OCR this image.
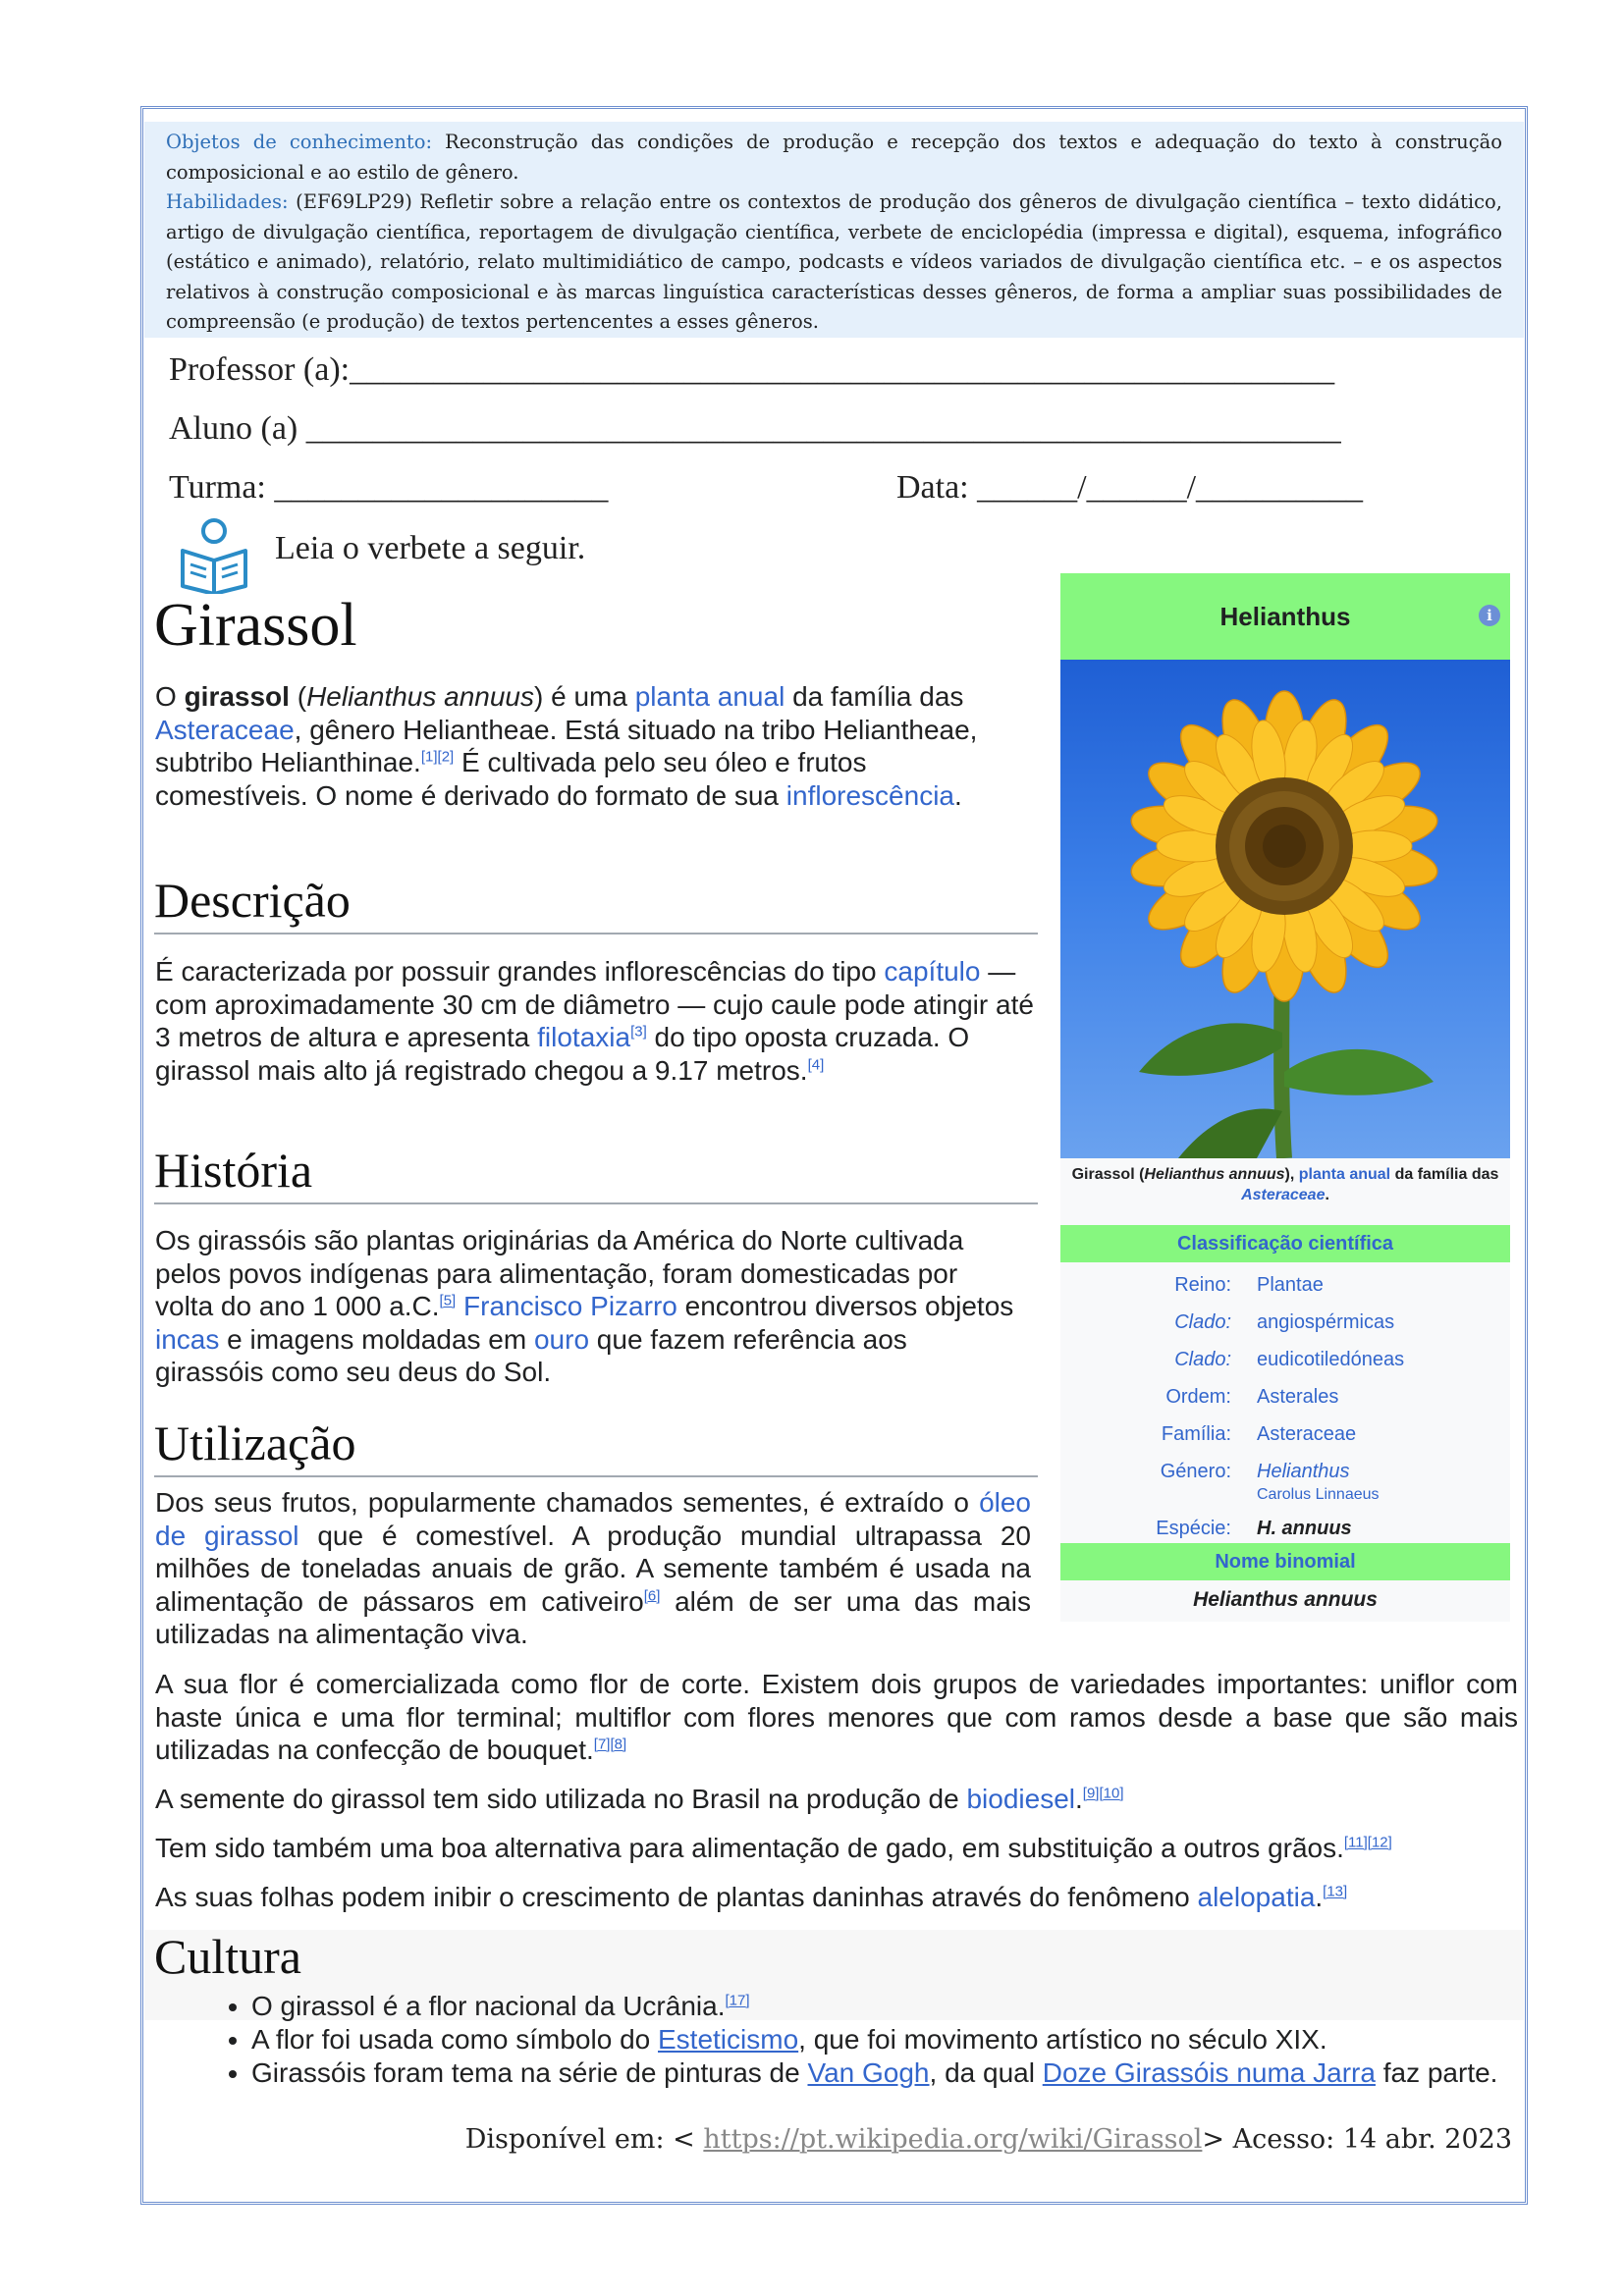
Objetos de conhecimento: Reconstrução das condições de produção e recepção dos textos e adequação do texto à construção composicional e ao estilo de gênero.
Habilidades: (EF69LP29) Refletir sobre a relação entre os contextos de produção dos gêneros de divulgação científica – texto didático, artigo de divulgação científica, reportagem de divulgação científica, verbete de enciclopédia (impressa e digital), esquema, infográfico (estático e animado), relatório, relato multimidiático de campo, podcasts e vídeos variados de divulgação científica etc. – e os aspectos relativos à construção composicional e às marcas linguística características desses gêneros, de forma a ampliar suas possibilidades de compreensão (e produção) de textos pertencentes a esses gêneros.
Professor (a):___________________________________________________________
Aluno (a) ______________________________________________________________
Turma: ____________________	Data: ______/______/__________
Leia o verbete a seguir.
Girassol
O girassol (Helianthus annuus) é uma planta anual da família das Asteraceae, gênero Heliantheae. Está situado na tribo Heliantheae, subtribo Helianthinae.[1][2] É cultivada pelo seu óleo e frutos comestíveis. O nome é derivado do formato de sua inflorescência.
Descrição
É caracterizada por possuir grandes inflorescências do tipo capítulo — com aproximadamente 30 cm de diâmetro — cujo caule pode atingir até 3 metros de altura e apresenta filotaxia[3] do tipo oposta cruzada. O girassol mais alto já registrado chegou a 9.17 metros.[4]
História
Os girassóis são plantas originárias da América do Norte cultivada pelos povos indígenas para alimentação, foram domesticadas por volta do ano 1 000 a.C.[5] Francisco Pizarro encontrou diversos objetos incas e imagens moldadas em ouro que fazem referência aos girassóis como seu deus do Sol.
Utilização
Dos seus frutos, popularmente chamados sementes, é extraído o óleo de girassol que é comestível. A produção mundial ultrapassa 20 milhões de toneladas anuais de grão. A semente também é usada na alimentação de pássaros em cativeiro[6] além de ser uma das mais utilizadas na alimentação viva.
A sua flor é comercializada como flor de corte. Existem dois grupos de variedades importantes: uniflor com haste única e uma flor terminal; multiflor com flores menores que com ramos desde a base que são mais utilizadas na confecção de bouquet.[7][8]
A semente do girassol tem sido utilizada no Brasil na produção de biodiesel.[9][10]
Tem sido também uma boa alternativa para alimentação de gado, em substituição a outros grãos.[11][12]
As suas folhas podem inibir o crescimento de plantas daninhas através do fenômeno alelopatia.[13]
Cultura
• O girassol é a flor nacional da Ucrânia.[17]
• A flor foi usada como símbolo do Esteticismo, que foi movimento artístico no século XIX.
• Girassóis foram tema na série de pinturas de Van Gogh, da qual Doze Girassóis numa Jarra faz parte.
Helianthus	i
Girassol (Helianthus annuus), planta anual da família das Asteraceae.
Classificação científica
Reino: Plantae
Clado: angiospérmicas
Clado: eudicotiledóneas
Ordem: Asterales
Família: Asteraceae
Género: Helianthus
Carolus Linnaeus
Espécie: H. annuus
Nome binomial
Helianthus annuus
Disponível em: < https://pt.wikipedia.org/wiki/Girassol> Acesso: 14 abr. 2023
